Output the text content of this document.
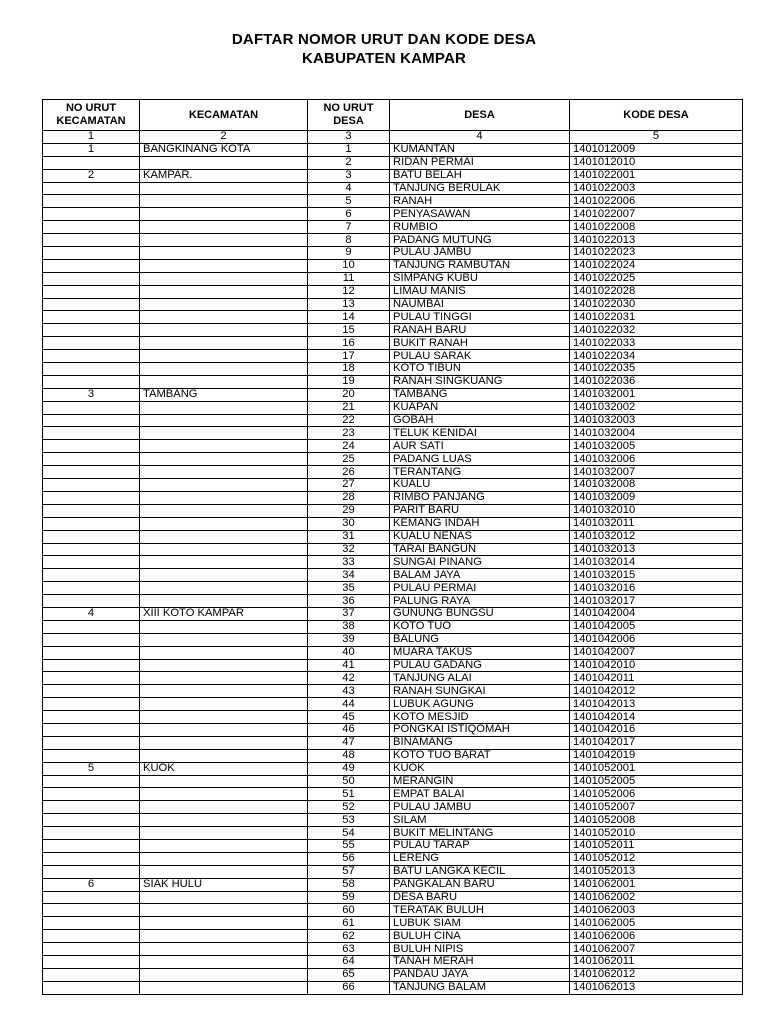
DAFTAR NOMOR URUT DAN KODE DESA
KABUPATEN KAMPAR
NO URUT KECAMATAN	KECAMATAN	NO URUT DESA	DESA	KODE DESA
1	2	3	4	5
1	BANGKINANG KOTA	1	KUMANTAN	1401012009
		2	RIDAN PERMAI	1401012010
2	KAMPAR.	3	BATU BELAH	1401022001
		4	TANJUNG BERULAK	1401022003
		5	RANAH	1401022006
		6	PENYASAWAN	1401022007
		7	RUMBIO	1401022008
		8	PADANG MUTUNG	1401022013
		9	PULAU JAMBU	1401022023
		10	TANJUNG RAMBUTAN	1401022024
		11	SIMPANG KUBU	1401022025
		12	LIMAU MANIS	1401022028
		13	NAUMBAI	1401022030
		14	PULAU TINGGI	1401022031
		15	RANAH BARU	1401022032
		16	BUKIT RANAH	1401022033
		17	PULAU SARAK	1401022034
		18	KOTO TIBUN	1401022035
		19	RANAH SINGKUANG	1401022036
3	TAMBANG	20	TAMBANG	1401032001
		21	KUAPAN	1401032002
		22	GOBAH	1401032003
		23	TELUK KENIDAI	1401032004
		24	AUR SATI	1401032005
		25	PADANG LUAS	1401032006
		26	TERANTANG	1401032007
		27	KUALU	1401032008
		28	RIMBO PANJANG	1401032009
		29	PARIT BARU	1401032010
		30	KEMANG INDAH	1401032011
		31	KUALU NENAS	1401032012
		32	TARAI BANGUN	1401032013
		33	SUNGAI PINANG	1401032014
		34	BALAM JAYA	1401032015
		35	PULAU PERMAI	1401032016
		36	PALUNG RAYA	1401032017
4	XIII KOTO KAMPAR	37	GUNUNG BUNGSU	1401042004
		38	KOTO TUO	1401042005
		39	BALUNG	1401042006
		40	MUARA TAKUS	1401042007
		41	PULAU GADANG	1401042010
		42	TANJUNG ALAI	1401042011
		43	RANAH SUNGKAI	1401042012
		44	LUBUK AGUNG	1401042013
		45	KOTO MESJID	1401042014
		46	PONGKAI ISTIQOMAH	1401042016
		47	BINAMANG	1401042017
		48	KOTO TUO BARAT	1401042019
5	KUOK	49	KUOK	1401052001
		50	MERANGIN	1401052005
		51	EMPAT BALAI	1401052006
		52	PULAU JAMBU	1401052007
		53	SILAM	1401052008
		54	BUKIT MELINTANG	1401052010
		55	PULAU TARAP	1401052011
		56	LERENG	1401052012
		57	BATU LANGKA KECIL	1401052013
6	SIAK HULU	58	PANGKALAN BARU	1401062001
		59	DESA BARU	1401062002
		60	TERATAK BULUH	1401062003
		61	LUBUK SIAM	1401062005
		62	BULUH CINA	1401062006
		63	BULUH NIPIS	1401062007
		64	TANAH MERAH	1401062011
		65	PANDAU JAYA	1401062012
		66	TANJUNG BALAM	1401062013
